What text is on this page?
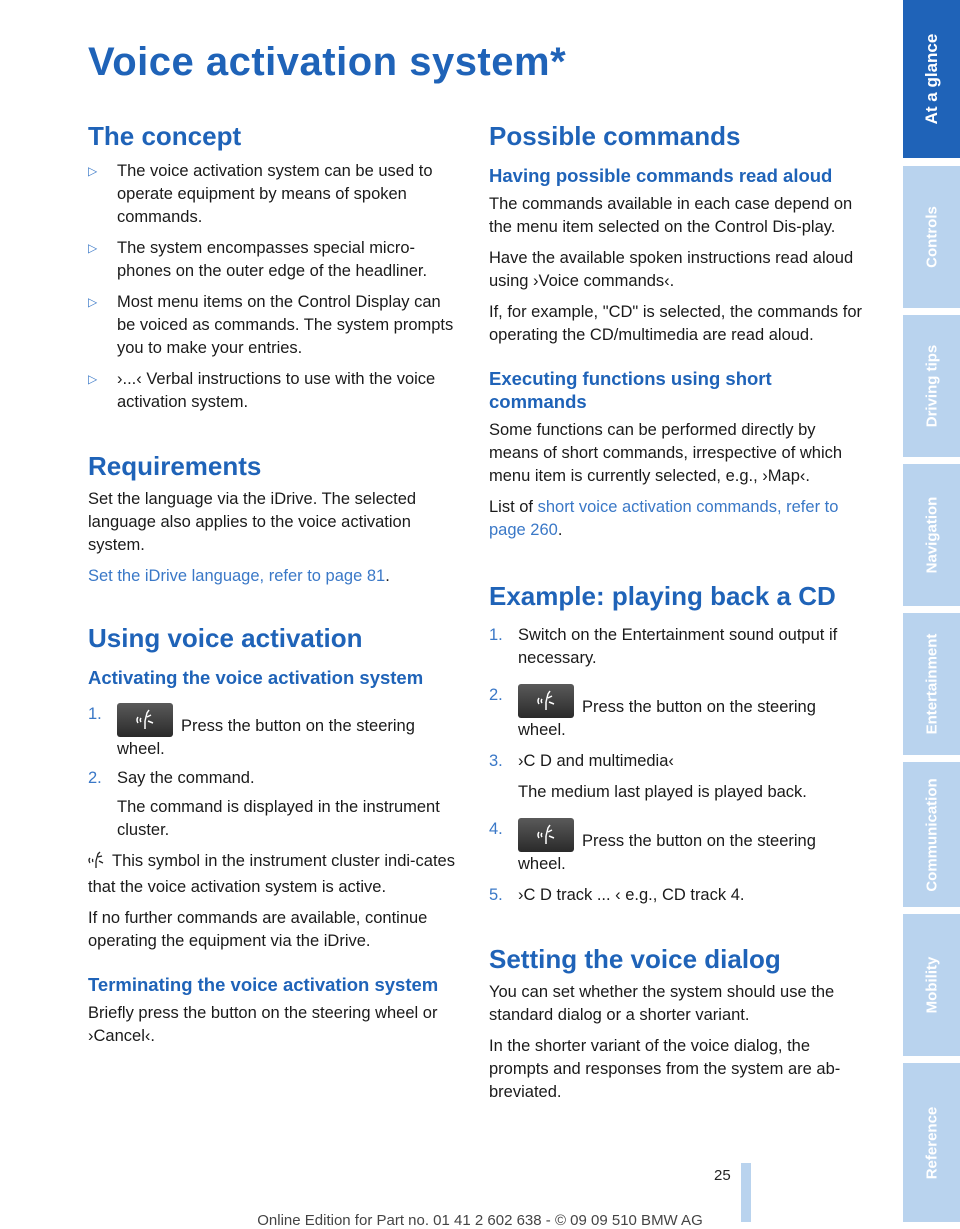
Voice activation system*
The concept
▷	The voice activation system can be used to operate equipment by means of spoken commands.

▷	The system encompasses special micro-phones on the outer edge of the headliner.

▷	Most menu items on the Control Display can be voiced as commands. The system prompts you to make your entries.

▷	›...‹ Verbal instructions to use with the voice activation system.

Requirements

Set the language via the iDrive. The selected language also applies to the voice activation system.

Set the iDrive language, refer to page 81.

Using voice activation
Activating the voice activation system
1.

Press the button on the steering wheel.

2. Say the command.

The command is displayed in the instrument cluster.

This symbol in the instrument cluster indi-cates that the voice activation system is active.

If no further commands are available, continue operating the equipment via the iDrive.

Terminating the voice activation system

Briefly press the button on the steering wheel or ›Cancel‹.

Possible commands
Having possible commands read aloud

The commands available in each case depend on the menu item selected on the Control Dis-play.

Have the available spoken instructions read aloud using ›Voice commands‹.

If, for example, "CD" is selected, the commands for operating the CD/multimedia are read aloud.

Executing functions using short commands

Some functions can be performed directly by means of short commands, irrespective of which menu item is currently selected, e.g., ›Map‹.

List of short voice activation commands, refer to page 260.

Example: playing back a CD
1. Switch on the Entertainment sound output if necessary.

2.

Press the button on the steering wheel.

3. ›C D and multimedia‹

The medium last played is played back.

4.

Press the button on the steering wheel.

5. ›C D track ... ‹ e.g., CD track 4.

Setting the voice dialog

You can set whether the system should use the standard dialog or a shorter variant.

In the shorter variant of the voice dialog, the prompts and responses from the system are ab-breviated.

At a glance
Controls
Driving tips
Navigation
Entertainment
Communication
Mobility
Reference
25
Online Edition for Part no. 01 41 2 602 638 - © 09 09 510 BMW AG
